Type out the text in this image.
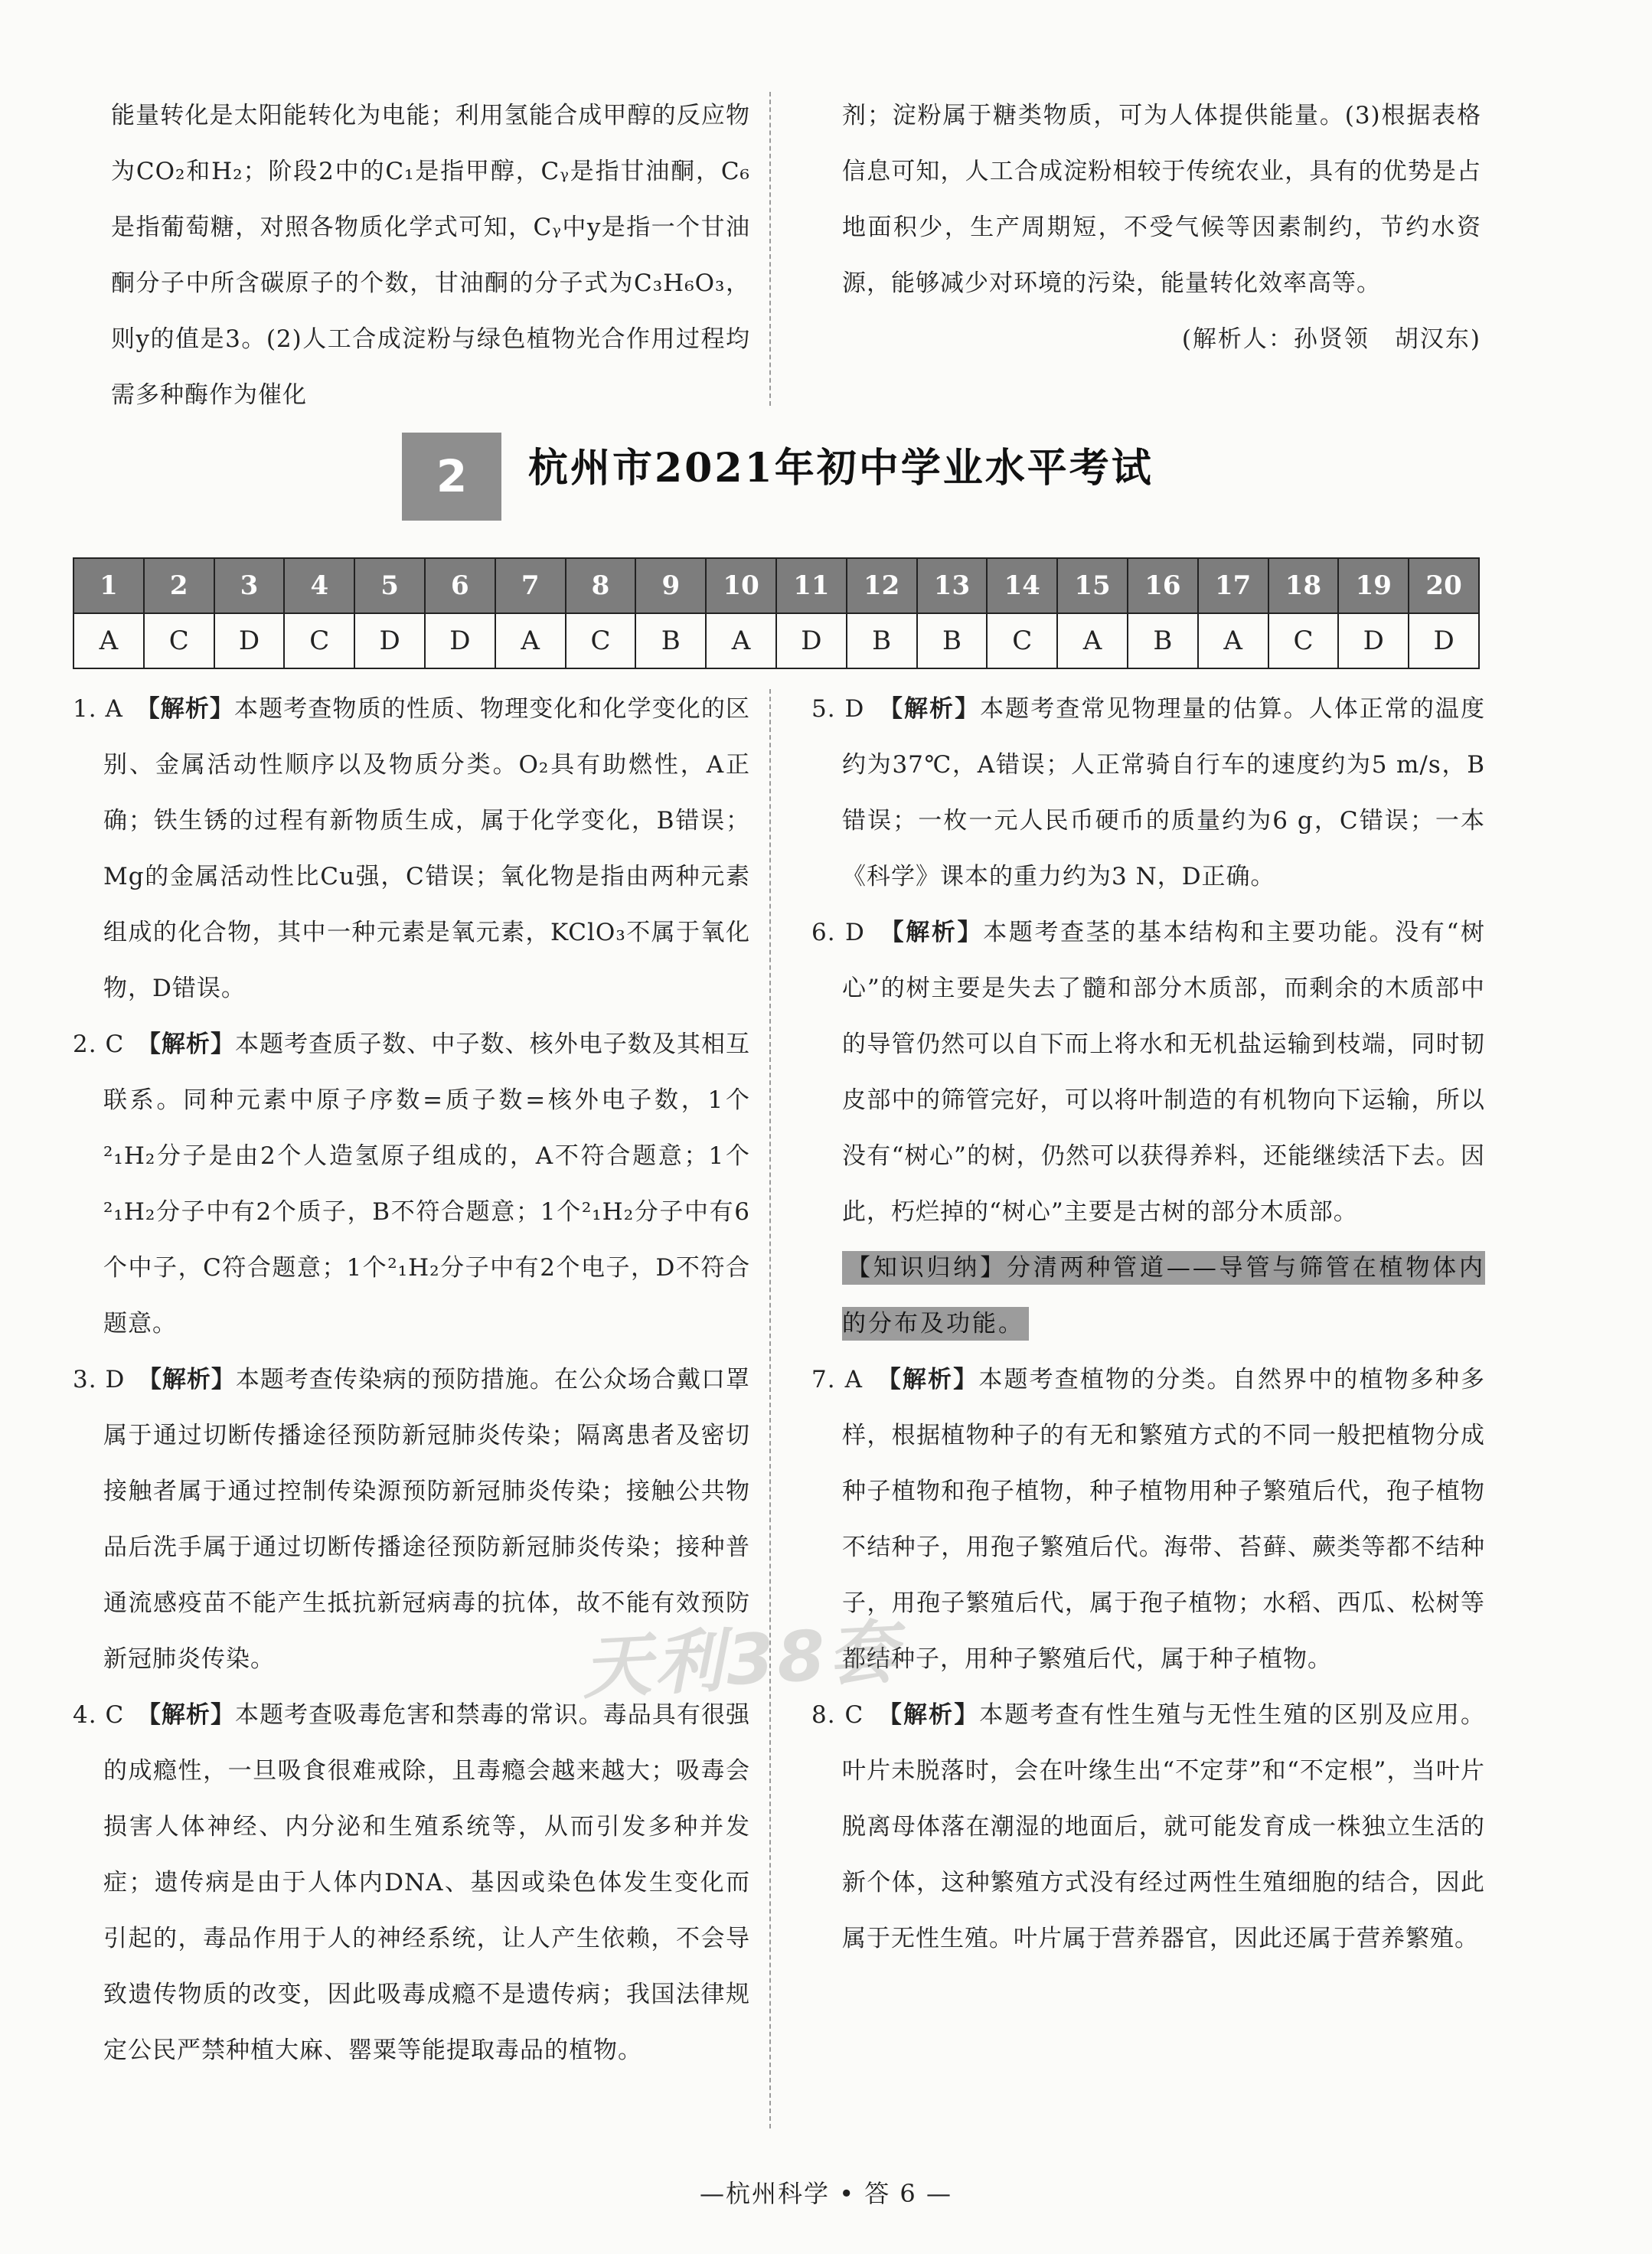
能量转化是太阳能转化为电能；利用氢能合成甲醇的反应物为CO₂和H₂；阶段2中的C₁是指甲醇，Cᵧ是指甘油酮，C₆是指葡萄糖，对照各物质化学式可知，Cᵧ中y是指一个甘油酮分子中所含碳原子的个数，甘油酮的分子式为C₃H₆O₃，则y的值是3。(2)人工合成淀粉与绿色植物光合作用过程均需多种酶作为催化

剂；淀粉属于糖类物质，可为人体提供能量。(3)根据表格信息可知，人工合成淀粉相较于传统农业，具有的优势是占地面积少，生产周期短，不受气候等因素制约，节约水资源，能够减少对环境的污染，能量转化效率高等。

(解析人：孙贤领　胡汉东)

2	杭州市2021年初中学业水平考试
1	2	3	4	5	6	7	8	9	10	11	12	13	14	15	16	17	18	19	20
A	C	D	C	D	D	A	C	B	A	D	B	B	C	A	B	A	C	D	D

1. A　【解析】本题考查物质的性质、物理变化和化学变化的区别、金属活动性顺序以及物质分类。O₂具有助燃性，A正确；铁生锈的过程有新物质生成，属于化学变化，B错误；Mg的金属活动性比Cu强，C错误；氧化物是指由两种元素组成的化合物，其中一种元素是氧元素，KClO₃不属于氧化物，D错误。

2. C　【解析】本题考查质子数、中子数、核外电子数及其相互联系。同种元素中原子序数=质子数=核外电子数，1个²₁H₂分子是由2个人造氢原子组成的，A不符合题意；1个²₁H₂分子中有2个质子，B不符合题意；1个²₁H₂分子中有6个中子，C符合题意；1个²₁H₂分子中有2个电子，D不符合题意。

3. D　【解析】本题考查传染病的预防措施。在公众场合戴口罩属于通过切断传播途径预防新冠肺炎传染；隔离患者及密切接触者属于通过控制传染源预防新冠肺炎传染；接触公共物品后洗手属于通过切断传播途径预防新冠肺炎传染；接种普通流感疫苗不能产生抵抗新冠病毒的抗体，故不能有效预防新冠肺炎传染。

4. C　【解析】本题考查吸毒危害和禁毒的常识。毒品具有很强的成瘾性，一旦吸食很难戒除，且毒瘾会越来越大；吸毒会损害人体神经、内分泌和生殖系统等，从而引发多种并发症；遗传病是由于人体内DNA、基因或染色体发生变化而引起的，毒品作用于人的神经系统，让人产生依赖，不会导致遗传物质的改变，因此吸毒成瘾不是遗传病；我国法律规定公民严禁种植大麻、罂粟等能提取毒品的植物。

5. D　【解析】本题考查常见物理量的估算。人体正常的温度约为37℃，A错误；人正常骑自行车的速度约为5 m/s，B错误；一枚一元人民币硬币的质量约为6 g，C错误；一本《科学》课本的重力约为3 N，D正确。

6. D　【解析】本题考查茎的基本结构和主要功能。没有“树心”的树主要是失去了髓和部分木质部，而剩余的木质部中的导管仍然可以自下而上将水和无机盐运输到枝端，同时韧皮部中的筛管完好，可以将叶制造的有机物向下运输，所以没有“树心”的树，仍然可以获得养料，还能继续活下去。因此，朽烂掉的“树心”主要是古树的部分木质部。

【知识归纳】分清两种管道——导管与筛管在植物体内的分布及功能。

7. A　【解析】本题考查植物的分类。自然界中的植物多种多样，根据植物种子的有无和繁殖方式的不同一般把植物分成种子植物和孢子植物，种子植物用种子繁殖后代，孢子植物不结种子，用孢子繁殖后代。海带、苔藓、蕨类等都不结种子，用孢子繁殖后代，属于孢子植物；水稻、西瓜、松树等都结种子，用种子繁殖后代，属于种子植物。

8. C　【解析】本题考查有性生殖与无性生殖的区别及应用。叶片未脱落时，会在叶缘生出“不定芽”和“不定根”，当叶片脱离母体落在潮湿的地面后，就可能发育成一株独立生活的新个体，这种繁殖方式没有经过两性生殖细胞的结合，因此属于无性生殖。叶片属于营养器官，因此还属于营养繁殖。

天利38套
—杭州科学 • 答 6 —
